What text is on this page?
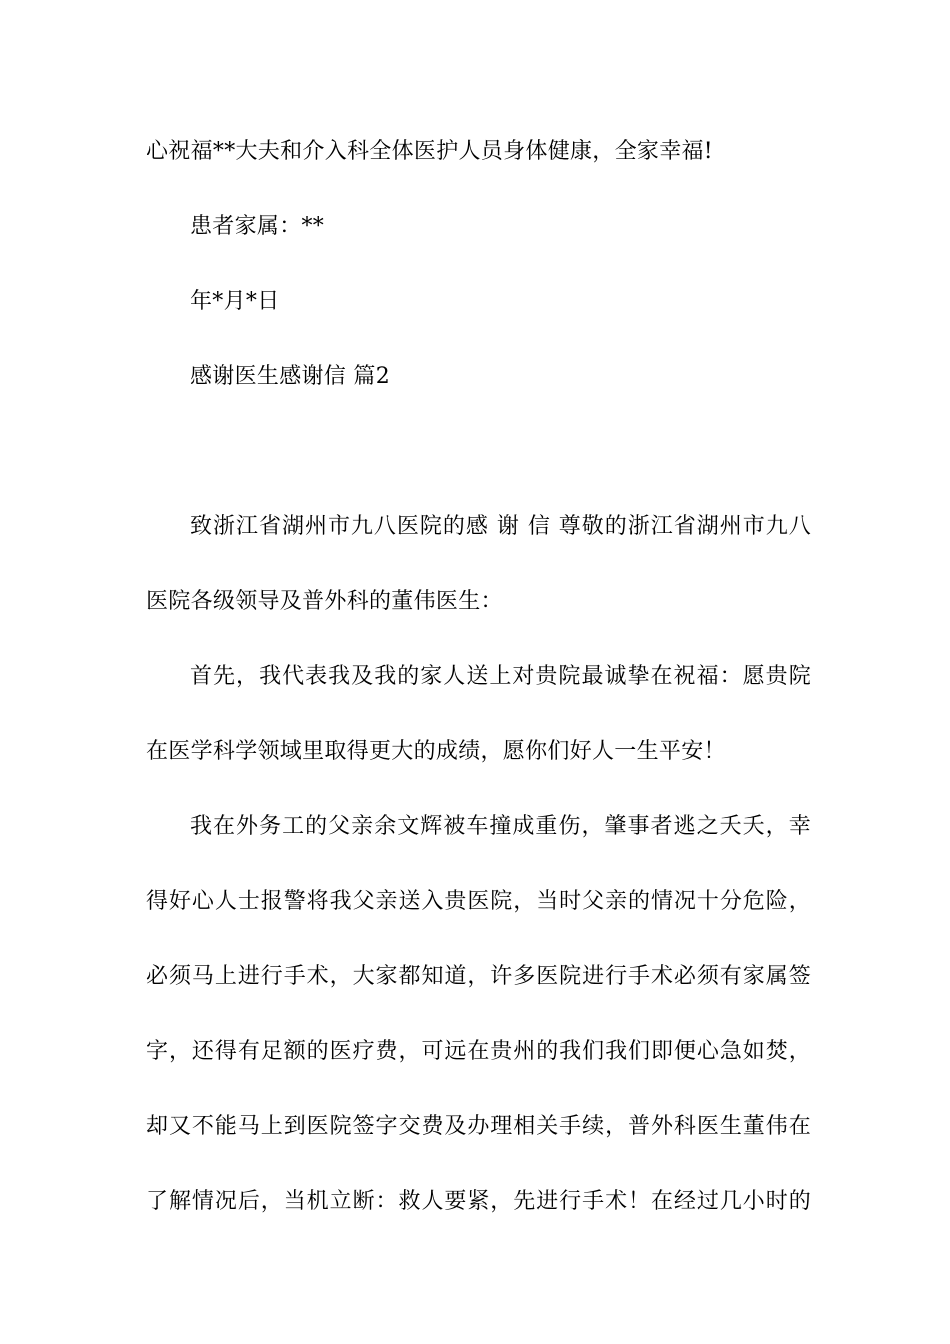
心祝福**大夫和介入科全体医护人员身体健康，全家幸福!
患者家属：**
年*月*日
感谢医生感谢信 篇2
致浙江省湖州市九八医院的感 谢 信 尊敬的浙江省湖州市九八
医院各级领导及普外科的董伟医生：
首先，我代表我及我的家人送上对贵院最诚挚在祝福：愿贵院
在医学科学领域里取得更大的成绩，愿你们好人一生平安！
我在外务工的父亲余文辉被车撞成重伤，肇事者逃之夭夭，幸
得好心人士报警将我父亲送入贵医院，当时父亲的情况十分危险，
必须马上进行手术，大家都知道，许多医院进行手术必须有家属签
字，还得有足额的医疗费，可远在贵州的我们我们即便心急如焚，
却又不能马上到医院签字交费及办理相关手续，普外科医生董伟在
了解情况后，当机立断：救人要紧，先进行手术！在经过几小时的
